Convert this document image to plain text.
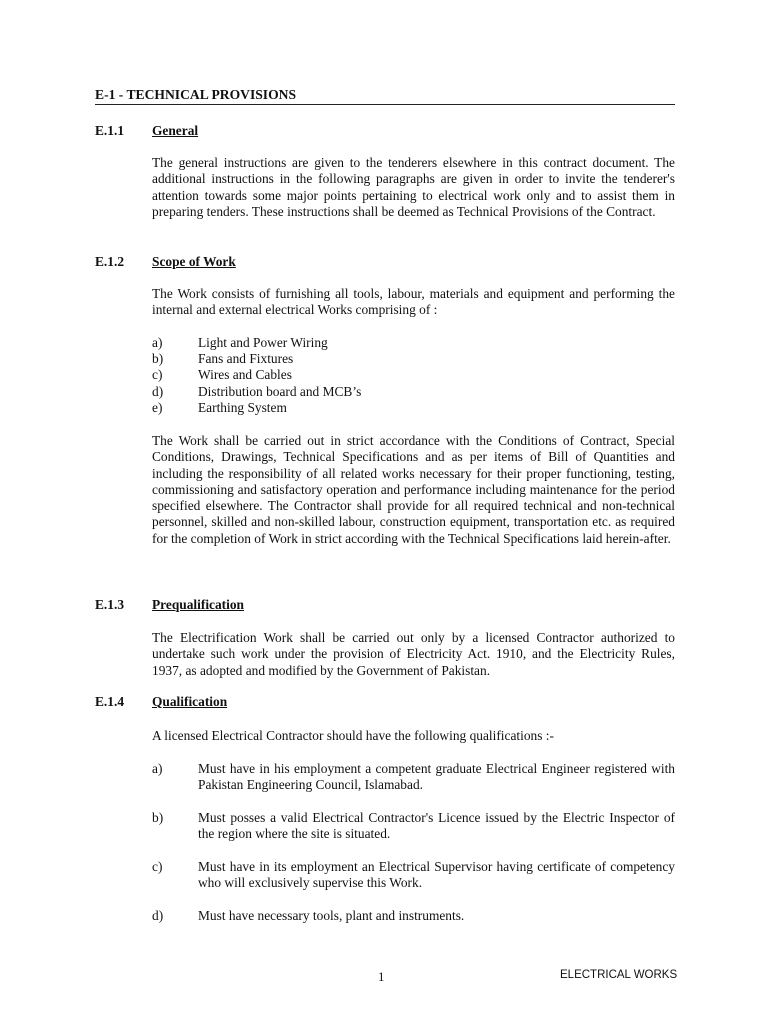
E-1 - TECHNICAL PROVISIONS
E.1.1 General

The general instructions are given to the tenderers elsewhere in this contract document. The additional instructions in the following paragraphs are given in order to invite the tenderer's attention towards some major points pertaining to electrical work only and to assist them in preparing tenders. These instructions shall be deemed as Technical Provisions of the Contract.

E.1.2 Scope of Work

The Work consists of furnishing all tools, labour, materials and equipment and performing the internal and external electrical Works comprising of :

a)	Light and Power Wiring
b)	Fans and Fixtures
c)	Wires and Cables
d)	Distribution board and MCB’s
e)	Earthing System

The Work shall be carried out in strict accordance with the Conditions of Contract, Special Conditions, Drawings, Technical Specifications and as per items of Bill of Quantities and including the responsibility of all related works necessary for their proper functioning, testing, commissioning and satisfactory operation and performance including maintenance for the period specified elsewhere. The Contractor shall provide for all required technical and non-technical personnel, skilled and non-skilled labour, construction equipment, transportation etc. as required for the completion of Work in strict according with the Technical Specifications laid herein-after.

E.1.3 Prequalification

The Electrification Work shall be carried out only by a licensed Contractor authorized to undertake such work under the provision of Electricity Act. 1910, and the Electricity Rules, 1937, as adopted and modified by the Government of Pakistan.

E.1.4 Qualification

A licensed Electrical Contractor should have the following qualifications :-

a)	Must have in his employment a competent graduate Electrical Engineer registered with Pakistan Engineering Council, Islamabad.
b)	Must posses a valid Electrical Contractor's Licence issued by the Electric Inspector of the region where the site is situated.
c)	Must have in its employment an Electrical Supervisor having certificate of competency who will exclusively supervise this Work.
d)	Must have necessary tools, plant and instruments.
1	ELECTRICAL WORKS
